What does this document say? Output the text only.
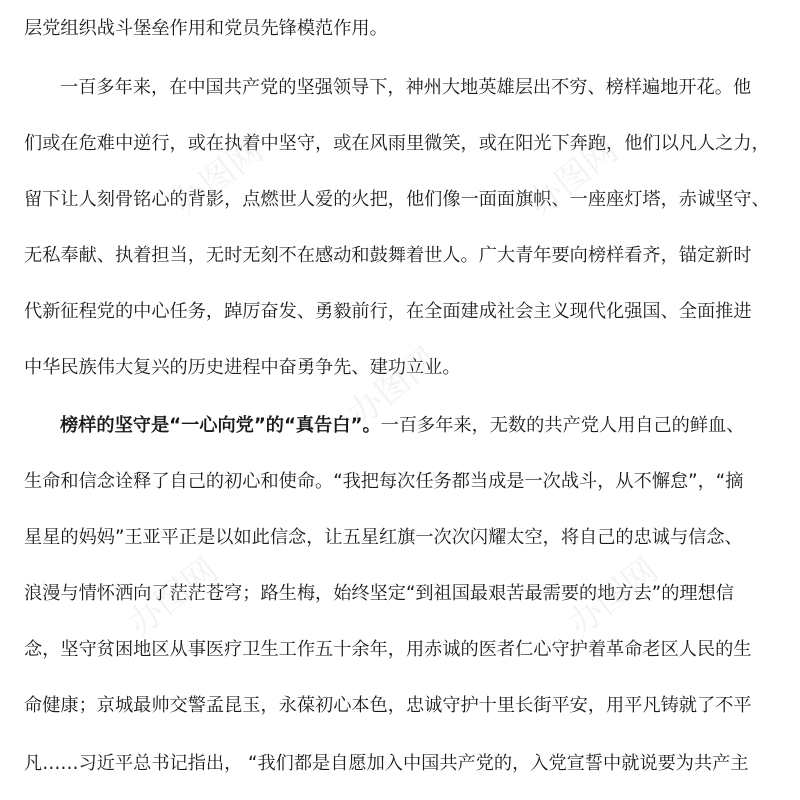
层党组织战斗堡垒作用和党员先锋模范作用。
一百多年来，在中国共产党的坚强领导下，神州大地英雄层出不穷、榜样遍地开花。他
们或在危难中逆行，或在执着中坚守，或在风雨里微笑，或在阳光下奔跑，他们以凡人之力，
留下让人刻骨铭心的背影，点燃世人爱的火把，他们像一面面旗帜、一座座灯塔，赤诚坚守、
无私奉献、执着担当，无时无刻不在感动和鼓舞着世人。广大青年要向榜样看齐，锚定新时
代新征程党的中心任务，踔厉奋发、勇毅前行，在全面建成社会主义现代化强国、全面推进
中华民族伟大复兴的历史进程中奋勇争先、建功立业。
榜样的坚守是“一心向党”的“真告白”。一百多年来，无数的共产党人用自己的鲜血、
生命和信念诠释了自己的初心和使命。“我把每次任务都当成是一次战斗，从不懈怠”，“摘
星星的妈妈”王亚平正是以如此信念，让五星红旗一次次闪耀太空，将自己的忠诚与信念、
浪漫与情怀洒向了茫茫苍穹；路生梅，始终坚定“到祖国最艰苦最需要的地方去”的理想信
念，坚守贫困地区从事医疗卫生工作五十余年，用赤诚的医者仁心守护着革命老区人民的生
命健康；京城最帅交警孟昆玉，永葆初心本色，忠诚守护十里长街平安，用平凡铸就了不平
凡……习近平总书记指出， “我们都是自愿加入中国共产党的，入党宣誓中就说要为共产主
办图网	办图网
办图网
办图网	办图网
